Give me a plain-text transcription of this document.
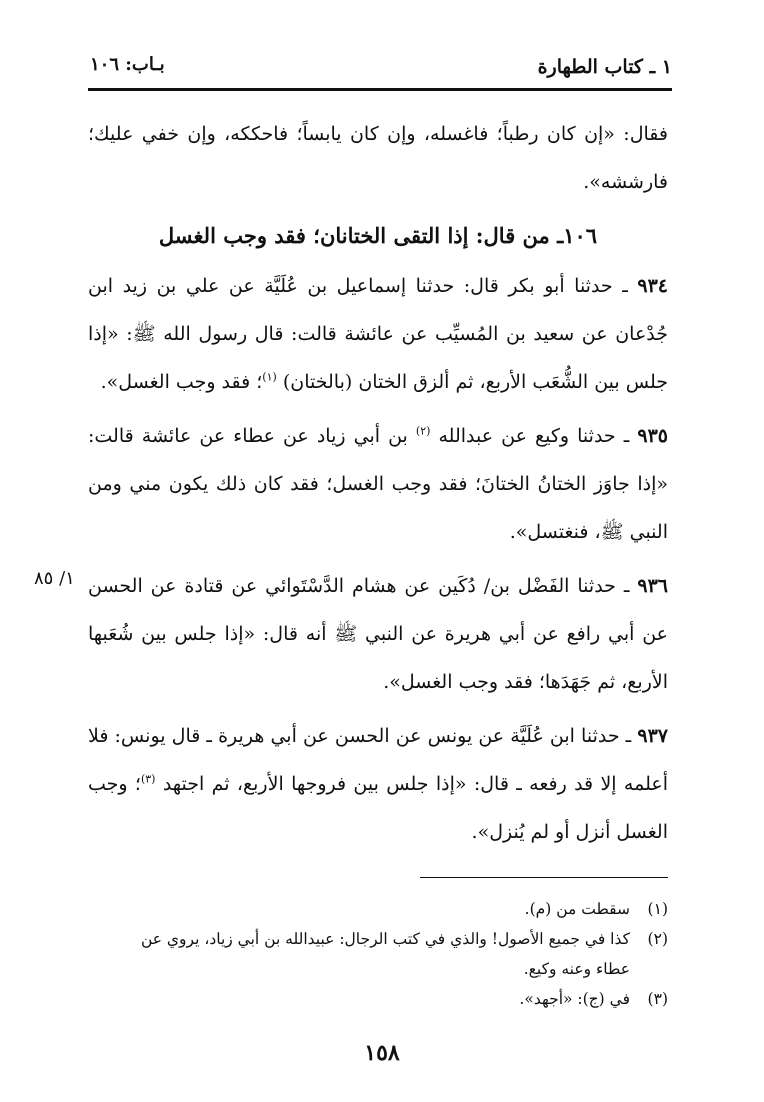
١ ـ كتاب الطهارة
بـاب: ١٠٦
١/ ٨٥

فقال: «إن كان رطباً؛ فاغسله، وإن كان يابساً؛ فاحككه، وإن خفي عليك؛ فارششه».

١٠٦ـ من قال: إذا التقى الختانان؛ فقد وجب الغسل

٩٣٤ ـ حدثنا أبو بكر قال: حدثنا إسماعيل بن عُلَيَّة عن علي بن زيد ابن جُدْعان عن سعيد بن المُسيِّب عن عائشة قالت: قال رسول الله ﷺ: «إذا جلس بين الشُّعَب الأربع، ثم ألزق الختان (بالختان) $^{(١)}$؛ فقد وجب الغسل».

٩٣٥ ـ حدثنا وكيع عن عبدالله $^{(٢)}$ بن أبي زياد عن عطاء عن عائشة قالت: «إذا جاوَز الختانُ الختانَ؛ فقد وجب الغسل؛ فقد كان ذلك يكون مني ومن النبي ﷺ، فنغتسل».

٩٣٦ ـ حدثنا الفَضْل بن/ دُكَين عن هشام الدَّسْتَوائي عن قتادة عن الحسن عن أبي رافع عن أبي هريرة عن النبي ﷺ أنه قال: «إذا جلس بين شُعَبها الأربع، ثم جَهَدَها؛ فقد وجب الغسل».

٩٣٧ ـ حدثنا ابن عُلَيَّة عن يونس عن الحسن عن أبي هريرة ـ قال يونس: فلا أعلمه إلا قد رفعه ـ قال: «إذا جلس بين فروجها الأربع، ثم اجتهد $^{(٣)}$؛ وجب الغسل أنزل أو لم يُنزل».

(١)سقطت من (م).

(٢)كذا في جميع الأصول! والذي في كتب الرجال: عبيدالله بن أبي زياد، يروي عن

عطاء وعنه وكيع.

(٣)في (ج): «أجهد».

١٥٨
